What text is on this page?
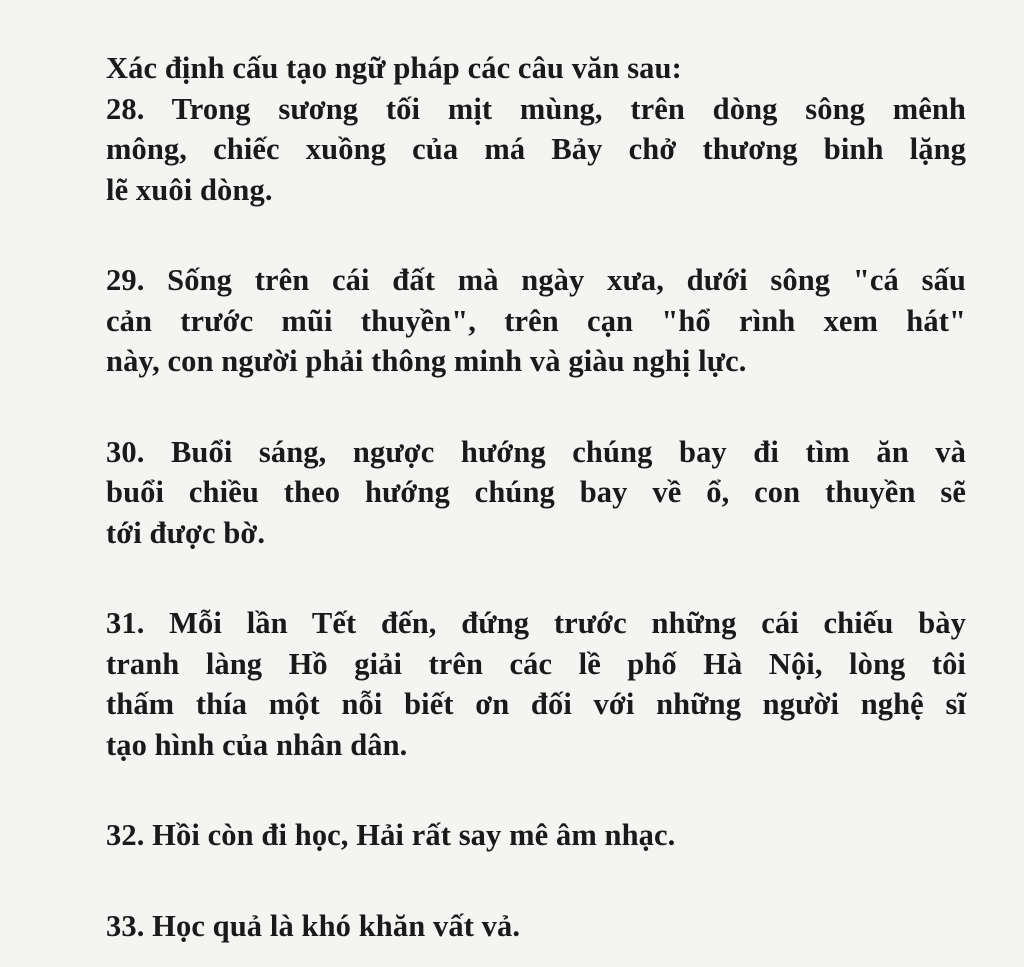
Xác định cấu tạo ngữ pháp các câu văn sau:
28. Trong sương tối mịt mùng, trên dòng sông mênh
mông, chiếc xuồng của má Bảy chở thương binh lặng
lẽ xuôi dòng.
29. Sống trên cái đất mà ngày xưa, dưới sông "cá sấu
cản trước mũi thuyền", trên cạn "hổ rình xem hát"
này, con người phải thông minh và giàu nghị lực.
30. Buổi sáng, ngược hướng chúng bay đi tìm ăn và
buổi chiều theo hướng chúng bay về ổ, con thuyền sẽ
tới được bờ.
31. Mỗi lần Tết đến, đứng trước những cái chiếu bày
tranh làng Hồ giải trên các lề phố Hà Nội, lòng tôi
thấm thía một nỗi biết ơn đối với những người nghệ sĩ
tạo hình của nhân dân.
32. Hồi còn đi học, Hải rất say mê âm nhạc.
33. Học quả là khó khăn vất vả.
